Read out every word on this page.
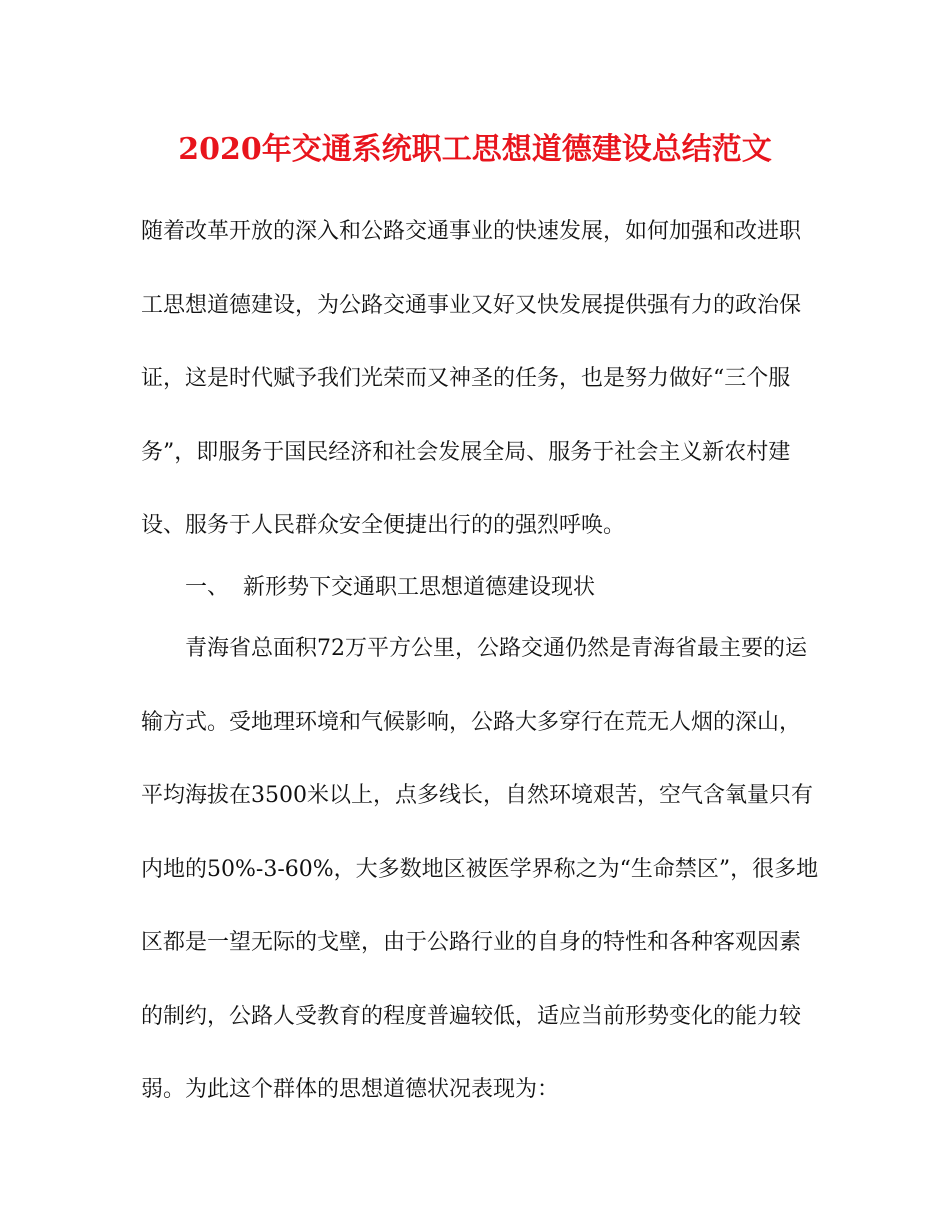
2020年交通系统职工思想道德建设总结范文

随着改革开放的深入和公路交通事业的快速发展，如何加强和改进职

工思想道德建设，为公路交通事业又好又快发展提供强有力的政治保

证，这是时代赋予我们光荣而又神圣的任务，也是努力做好“三个服

务”，即服务于国民经济和社会发展全局、服务于社会主义新农村建

设、服务于人民群众安全便捷出行的的强烈呼唤。

一、 新形势下交通职工思想道德建设现状

青海省总面积72万平方公里，公路交通仍然是青海省最主要的运

输方式。受地理环境和气候影响，公路大多穿行在荒无人烟的深山，

平均海拔在3500米以上，点多线长，自然环境艰苦，空气含氧量只有

内地的50%-3-60%，大多数地区被医学界称之为“生命禁区”，很多地

区都是一望无际的戈壁，由于公路行业的自身的特性和各种客观因素

的制约，公路人受教育的程度普遍较低，适应当前形势变化的能力较

弱。为此这个群体的思想道德状况表现为：
